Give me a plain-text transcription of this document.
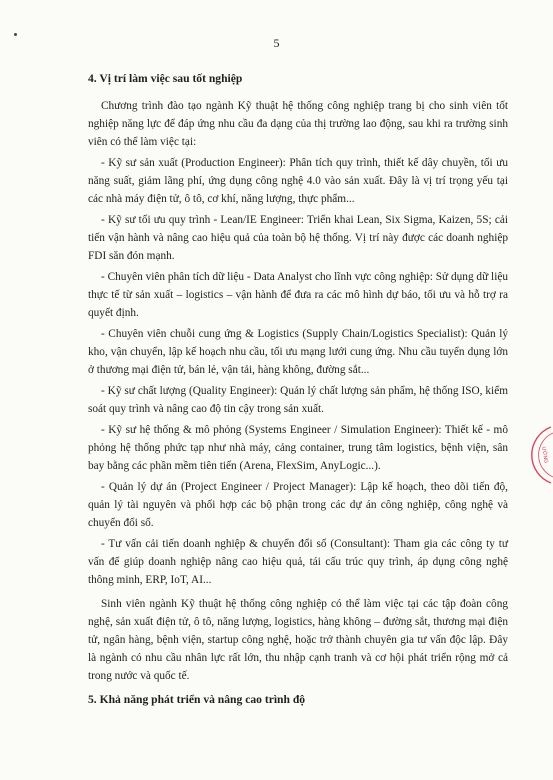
5

4. Vị trí làm việc sau tốt nghiệp

Chương trình đào tạo ngành Kỹ thuật hệ thống công nghiệp trang bị cho sinh viên tốt nghiệp năng lực để đáp ứng nhu cầu đa dạng của thị trường lao động, sau khi ra trường sinh viên có thể làm việc tại:

- Kỹ sư sản xuất (Production Engineer): Phân tích quy trình, thiết kế dây chuyền, tối ưu năng suất, giảm lãng phí, ứng dụng công nghệ 4.0 vào sản xuất. Đây là vị trí trọng yếu tại các nhà máy điện tử, ô tô, cơ khí, năng lượng, thực phẩm...

- Kỹ sư tối ưu quy trình - Lean/IE Engineer: Triển khai Lean, Six Sigma, Kaizen, 5S; cải tiến vận hành và nâng cao hiệu quả của toàn bộ hệ thống. Vị trí này được các doanh nghiệp FDI săn đón mạnh.

- Chuyên viên phân tích dữ liệu - Data Analyst cho lĩnh vực công nghiệp: Sử dụng dữ liệu thực tế từ sản xuất – logistics – vận hành để đưa ra các mô hình dự báo, tối ưu và hỗ trợ ra quyết định.

- Chuyên viên chuỗi cung ứng & Logistics (Supply Chain/Logistics Specialist): Quản lý kho, vận chuyển, lập kế hoạch nhu cầu, tối ưu mạng lưới cung ứng. Nhu cầu tuyển dụng lớn ở thương mại điện tử, bán lẻ, vận tải, hàng không, đường sắt...

- Kỹ sư chất lượng (Quality Engineer): Quản lý chất lượng sản phẩm, hệ thống ISO, kiểm soát quy trình và nâng cao độ tin cậy trong sản xuất.

- Kỹ sư hệ thống & mô phỏng (Systems Engineer / Simulation Engineer): Thiết kế - mô phỏng hệ thống phức tạp như nhà máy, cảng container, trung tâm logistics, bệnh viện, sân bay bằng các phần mềm tiên tiến (Arena, FlexSim, AnyLogic...).

- Quản lý dự án (Project Engineer / Project Manager): Lập kế hoạch, theo dõi tiến độ, quản lý tài nguyên và phối hợp các bộ phận trong các dự án công nghiệp, công nghệ và chuyển đổi số.

- Tư vấn cải tiến doanh nghiệp & chuyển đổi số (Consultant): Tham gia các công ty tư vấn để giúp doanh nghiệp nâng cao hiệu quả, tái cấu trúc quy trình, áp dụng công nghệ thông minh, ERP, IoT, AI...

Sinh viên ngành Kỹ thuật hệ thống công nghiệp có thể làm việc tại các tập đoàn công nghệ, sản xuất điện tử, ô tô, năng lượng, logistics, hàng không – đường sắt, thương mại điện tử, ngân hàng, bệnh viện, startup công nghệ, hoặc trở thành chuyên gia tư vấn độc lập. Đây là ngành có nhu cầu nhân lực rất lớn, thu nhập cạnh tranh và cơ hội phát triển rộng mở cả trong nước và quốc tế.

5. Khả năng phát triển và nâng cao trình độ

ƯỜNG
